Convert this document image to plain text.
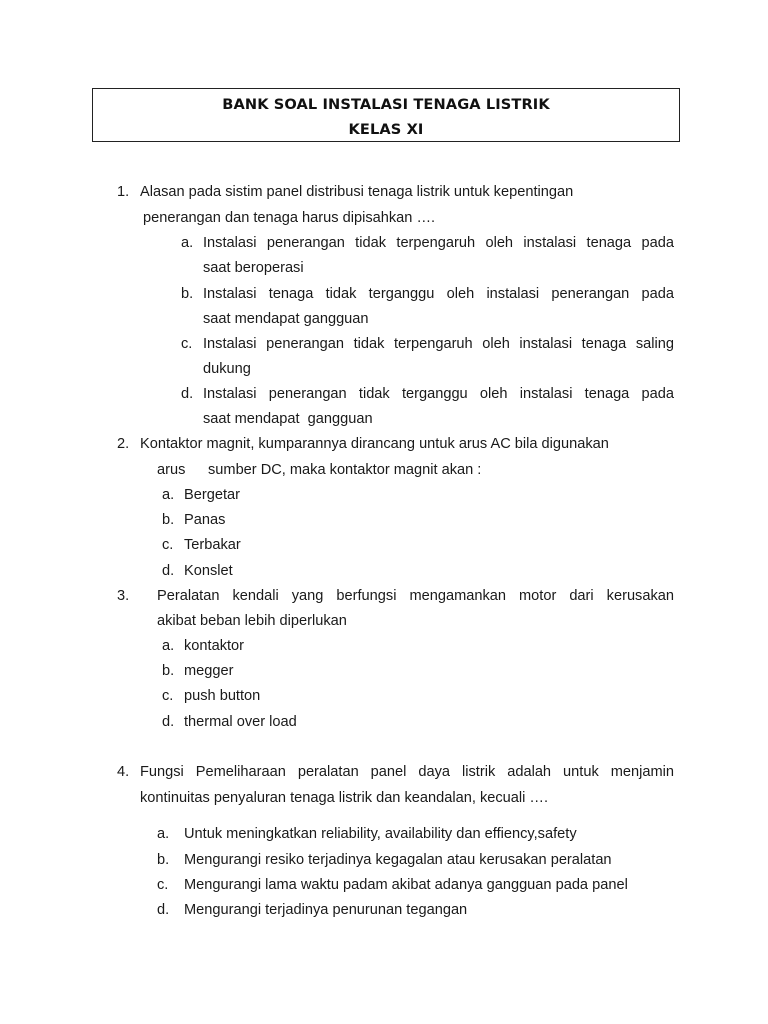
BANK SOAL INSTALASI TENAGA LISTRIK
KELAS XI
1. Alasan pada sistim panel distribusi tenaga listrik untuk kepentingan
penerangan dan tenaga harus dipisahkan ….
a. Instalasi penerangan tidak terpengaruh oleh instalasi tenaga pada
saat beroperasi
b. Instalasi tenaga tidak terganggu oleh instalasi penerangan pada
saat mendapat gangguan
c. Instalasi penerangan tidak terpengaruh oleh instalasi tenaga saling
dukung
d. Instalasi penerangan tidak terganggu oleh instalasi tenaga pada
saat mendapat  gangguan
2. Kontaktor magnit, kumparannya dirancang untuk arus AC bila digunakan
arus sumber DC, maka kontaktor magnit akan :
a. Bergetar
b. Panas
c. Terbakar
d. Konslet
3. Peralatan kendali yang berfungsi mengamankan motor dari kerusakan
akibat beban lebih diperlukan
a. kontaktor
b. megger
c. push button
d. thermal over load
4. Fungsi Pemeliharaan peralatan panel daya listrik adalah untuk menjamin
kontinuitas penyaluran tenaga listrik dan keandalan, kecuali ….
a. Untuk meningkatkan reliability, availability dan effiency,safety
b. Mengurangi resiko terjadinya kegagalan atau kerusakan peralatan
c. Mengurangi lama waktu padam akibat adanya gangguan pada panel
d. Mengurangi terjadinya penurunan tegangan
